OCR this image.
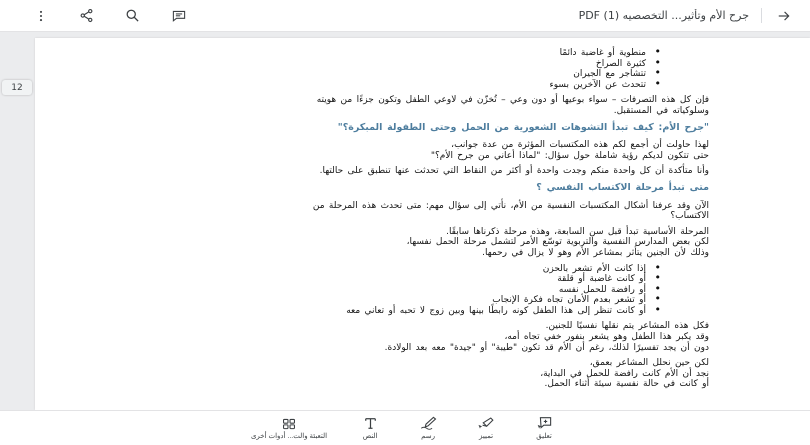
جرح الأم وتأثير... التخصصيه (1) PDF
• منطوية أو غاضبة دائمًا
• كثيرة الصراخ
• تتشاجر مع الجيران
• تتحدث عن الآخرين بسوء
فإن كل هذه التصرفات – سواء بوعيها أو دون وعي – تُخزّن في لاوعي الطفل وتكون جزءًا من هويته
وسلوكياته في المستقبل.
"جرح الأم: كيف تبدأ التشوهات الشعورية من الحمل وحتى الطفولة المبكرة؟"
لهذا حاولت أن أجمع لكم هذه المكتسبات المؤثرة من عدة جوانب،
حتى تتكون لديكم رؤية شاملة حول سؤال: "لماذا أعاني من جرح الأم؟"
وأنا متأكدة أن كل واحدة منكم وجدت واحدة أو أكثر من النقاط التي تحدثت عنها تنطبق على حالتها.
متى تبدأ مرحلة الاكتساب النفسي ؟
الآن وقد عرفنا أشكال المكتسبات النفسية من الأم، نأتي إلى سؤال مهم: متى تحدث هذه المرحلة من
الاكتساب؟
المرحلة الأساسية تبدأ قبل سن السابعة، وهذه مرحلة ذكرناها سابقًا.
لكن بعض المدارس النفسية والتربوية توسّع الأمر لتشمل مرحلة الحمل نفسها،
وذلك لأن الجنين يتأثر بمشاعر الأم وهو لا يزال في رحمها.
• إذا كانت الأم تشعر بالحزن
• أو كانت غاضبة أو قلقة
• أو رافضة للحمل نفسه
• أو تشعر بعدم الأمان تجاه فكرة الإنجاب
• أو كانت تنظر إلى هذا الطفل كونه رابطًا بينها وبين زوج لا تحبه أو تعاني معه
فكل هذه المشاعر يتم نقلها نفسيًا للجنين.
وقد يكبر هذا الطفل وهو يشعر بنفور خفي تجاه أمه،
دون أن يجد تفسيرًا لذلك، رغم أن الأم قد تكون "طيبة" أو "جيدة" معه بعد الولادة.
لكن حين نحلل المشاعر بعمق،
نجد أن الأم كانت رافضة للحمل في البداية،
أو كانت في حالة نفسية سيئة أثناء الحمل.
12
تعليق
تمييز
رسم
النص
التعبئة والت... أدوات أخرى
